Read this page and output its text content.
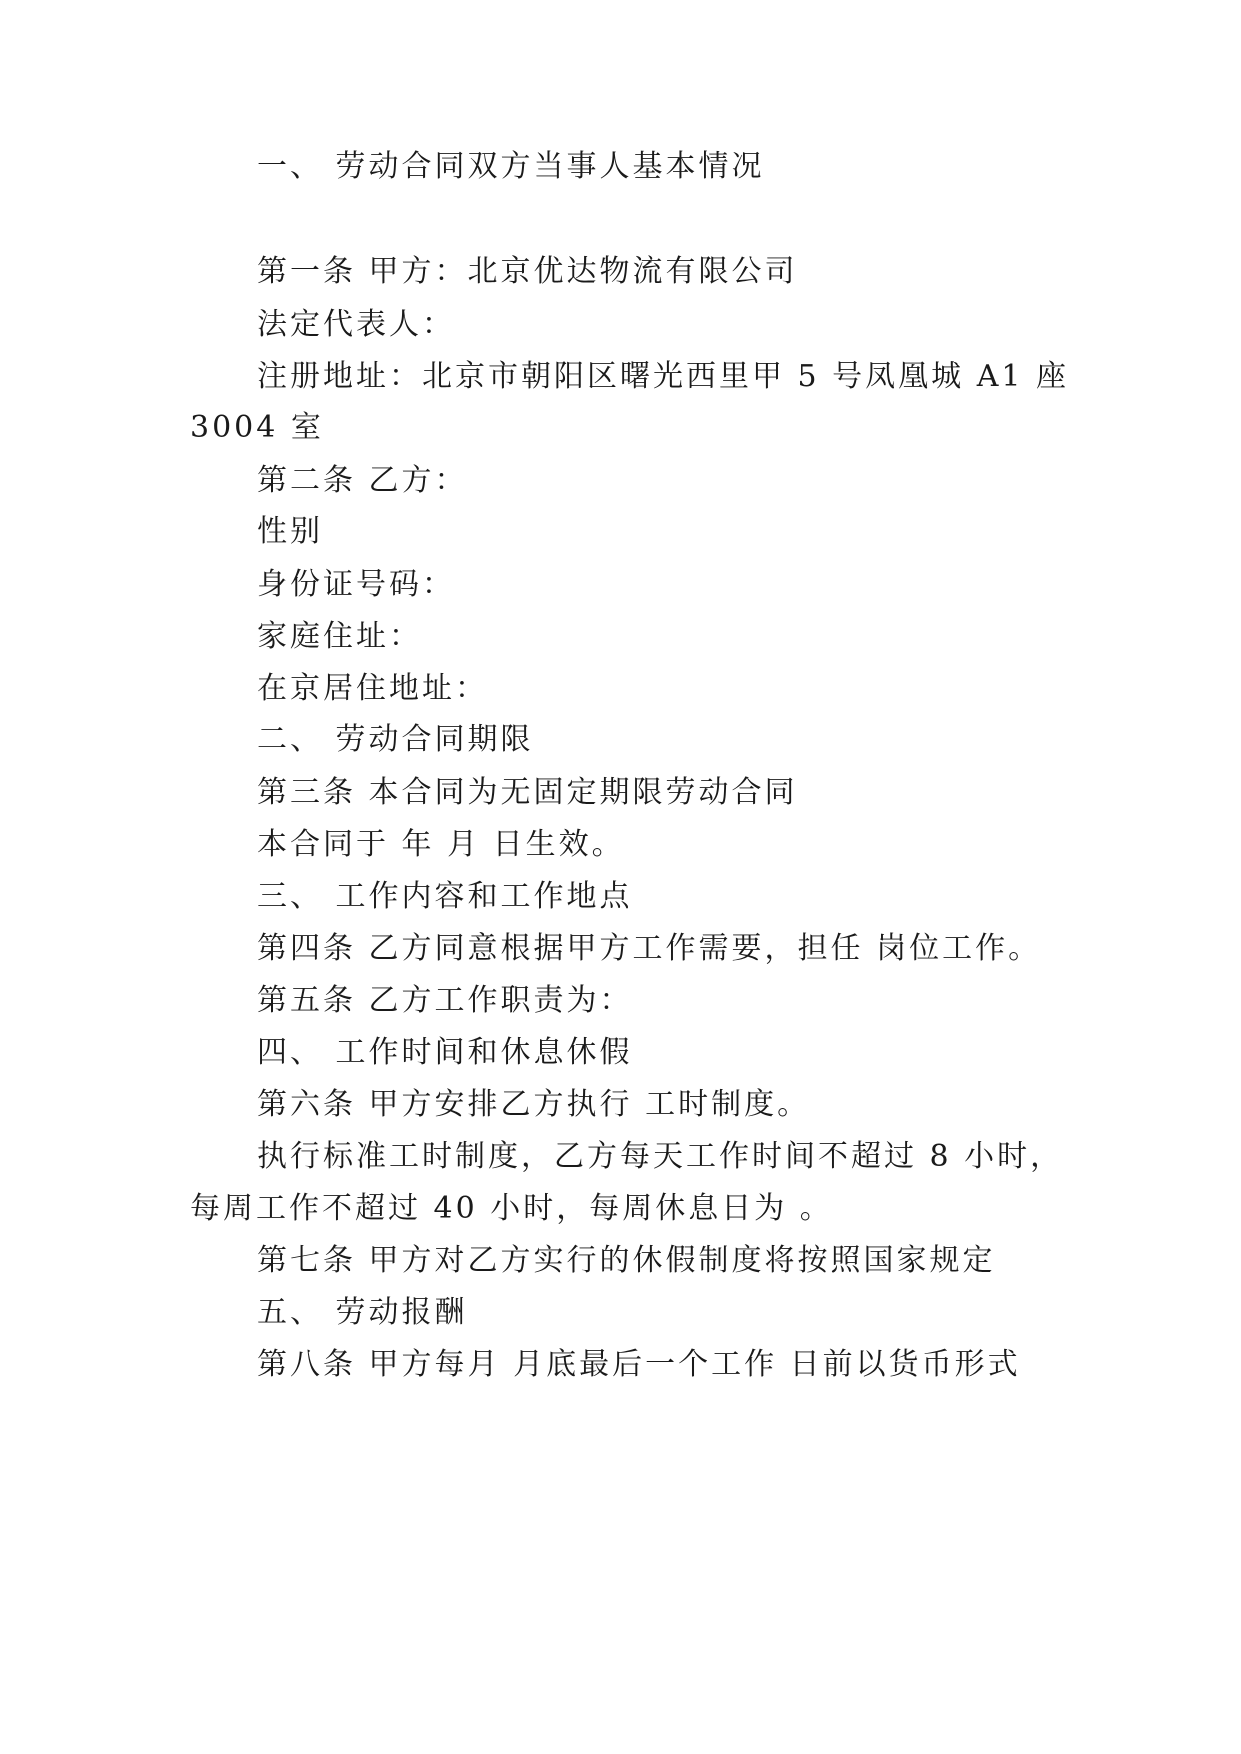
一、 劳动合同双方当事人基本情况
第一条 甲方：北京优达物流有限公司
法定代表人：
注册地址：北京市朝阳区曙光西里甲 5 号凤凰城 A1 座
3004 室
第二条 乙方：
性别
身份证号码：
家庭住址：
在京居住地址：
二、 劳动合同期限
第三条 本合同为无固定期限劳动合同
本合同于 年 月 日生效。
三、 工作内容和工作地点
第四条 乙方同意根据甲方工作需要，担任 岗位工作。
第五条 乙方工作职责为：
四、 工作时间和休息休假
第六条 甲方安排乙方执行 工时制度。
执行标准工时制度，乙方每天工作时间不超过 8 小时，
每周工作不超过 40 小时，每周休息日为 。
第七条 甲方对乙方实行的休假制度将按照国家规定
五、 劳动报酬
第八条 甲方每月 月底最后一个工作 日前以货币形式
